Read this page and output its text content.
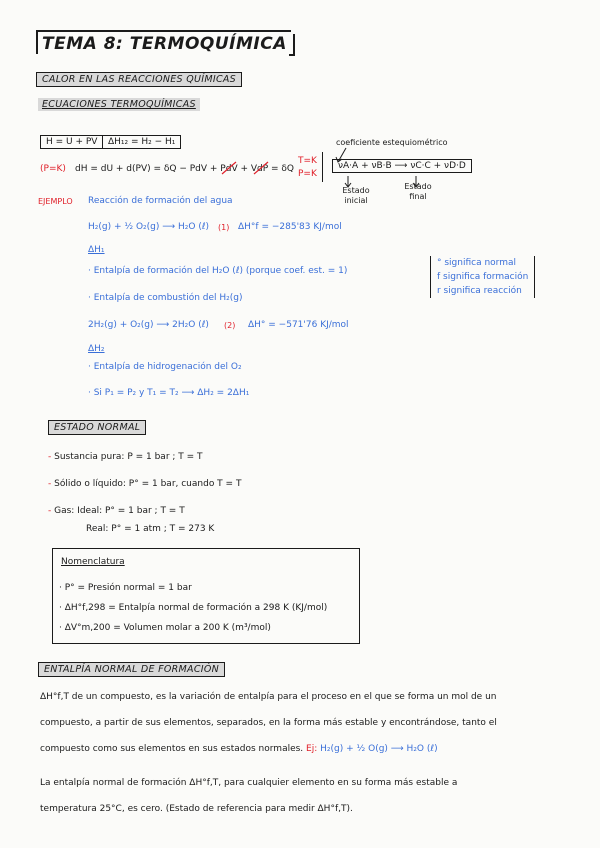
TEMA 8: TERMOQUÍMICA
CALOR EN LAS REACCIONES QUÍMICAS
ECUACIONES TERMOQUÍMICAS
H = U + PV	ΔH₁₂ = H₂ − H₁
(P=K) dH = dU + d(PV) = δQ − PdV + PdV + VdP = δQ
coeficiente estequiométrico
T=K
P=K
νA·A + νB·B ⟶ νC·C + νD·D
Estado inicial
Estado final
EJEMPLO Reacción de formación del agua
H₂(g) + ½ O₂(g) ⟶ H₂O (ℓ) (1) ΔH°f = −285'83 KJ/mol
ΔH₁
· Entalpía de formación del H₂O (ℓ) (porque coef. est. = 1)
· Entalpía de combustión del H₂(g)
° significa normal
f significa formación
r significa reacción
2H₂(g) + O₂(g) ⟶ 2H₂O (ℓ) (2) ΔH° = −571'76 KJ/mol
ΔH₂
· Entalpía de hidrogenación del O₂
· Si P₁ = P₂ y T₁ = T₂ ⟶ ΔH₂ = 2ΔH₁
ESTADO NORMAL
- Sustancia pura: P = 1 bar ; T = T
- Sólido o líquido: P° = 1 bar, cuando T = T
- Gas: Ideal: P° = 1 bar ; T = T
Real: P° = 1 atm ; T = 273 K
Nomenclatura
· P° = Presión normal = 1 bar
· ΔH°f,298 = Entalpía normal de formación a 298 K (KJ/mol)
· ΔV°m,200 = Volumen molar a 200 K (m³/mol)
ENTALPÍA NORMAL DE FORMACIÓN
ΔH°f,T de un compuesto, es la variación de entalpía para el proceso en el que se forma un mol de un
compuesto, a partir de sus elementos, separados, en la forma más estable y encontrándose, tanto el
compuesto como sus elementos en sus estados normales. Ej: H₂(g) + ½ O(g) ⟶ H₂O (ℓ)
La entalpía normal de formación ΔH°f,T, para cualquier elemento en su forma más estable a
temperatura 25°C, es cero. (Estado de referencia para medir ΔH°f,T).
